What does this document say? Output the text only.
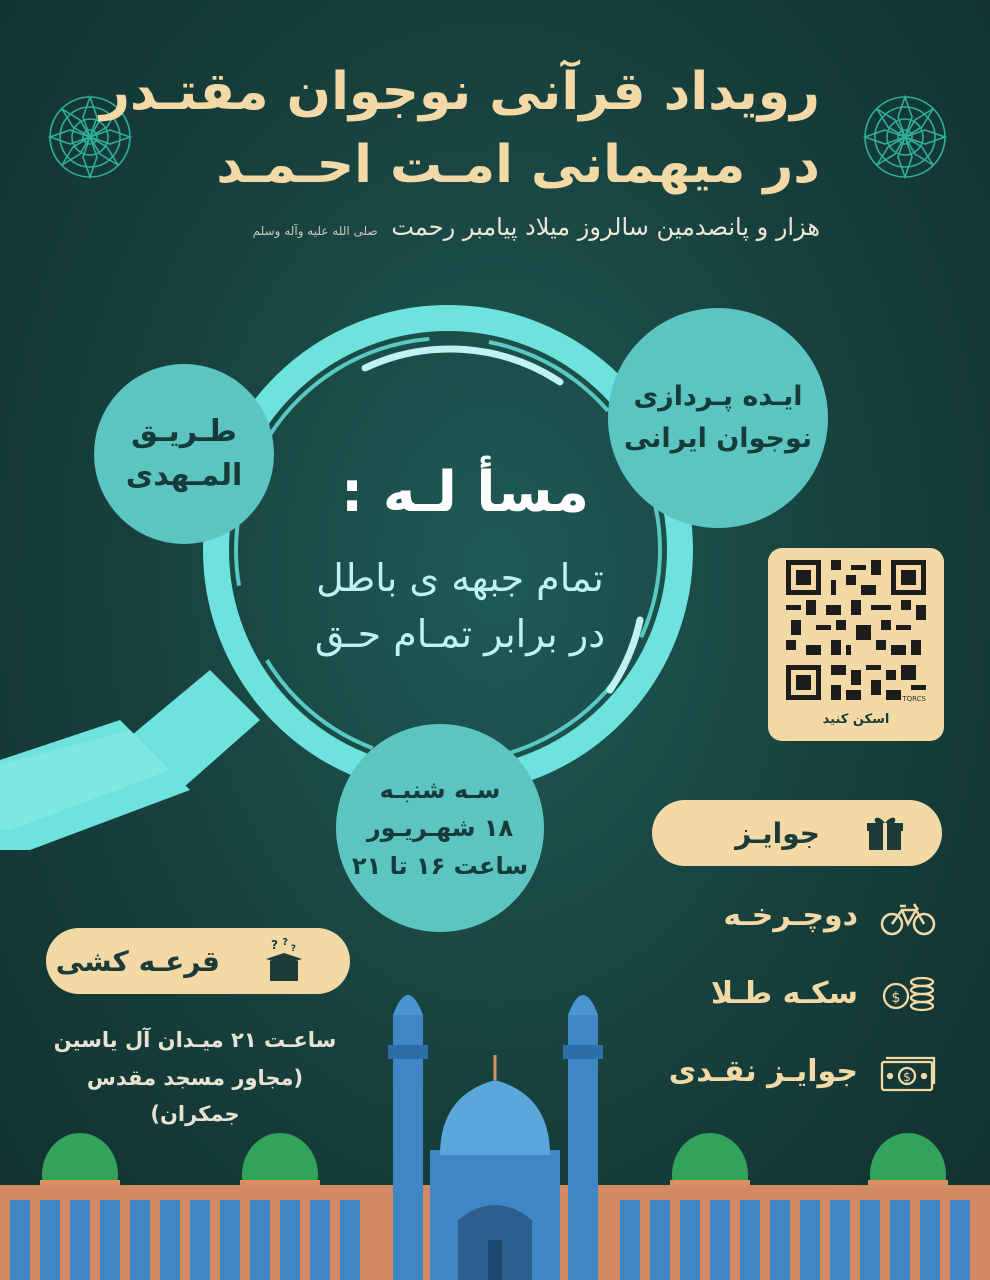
رویداد قرآنی نوجوان مقتـدر
در میهمانی امـت احـمـد
هزار و پانصدمین سالروز میلاد پیامبر رحمت صلی الله علیه وآله وسلم
مسأ لـه :
تمام جبهه ی باطل
در برابر تمـام حـق
ایـده پـردازی
نوجوان ایرانی
طـریـق
المـهدی
سـه شنبـه
۱۸ شهـریـور
ساعت ۱۶ تا ۲۱
اسکن کنید
TQRCS
جوایـز
دوچـرخـه
سکـه طـلا $
جوایـز نقـدی	$
? ?
?
قرعـه کشی
ساعـت ۲۱ میـدان آل یاسین
(مجاور مسجد مقدس جمکران)
